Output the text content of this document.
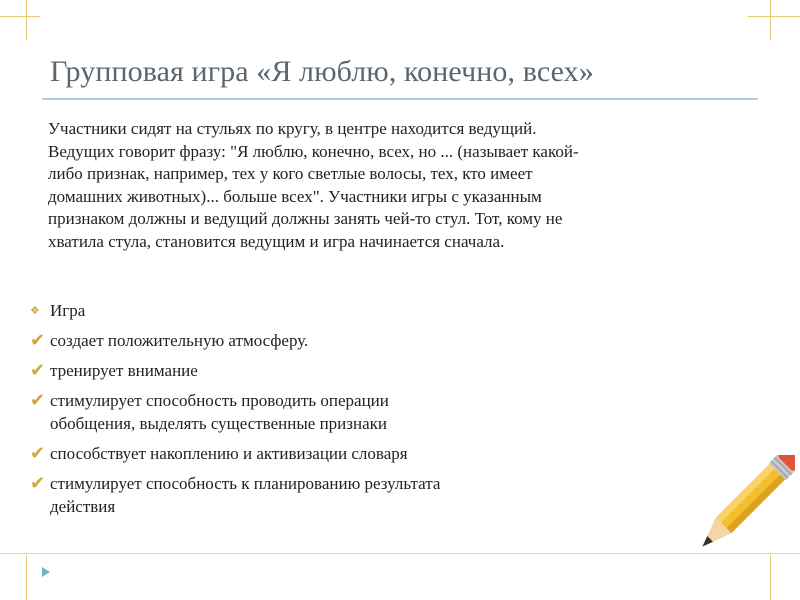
Групповая игра «Я люблю, конечно, всех»
Участники сидят на стульях по кругу, в центре находится ведущий.
Ведущих говорит фразу: "Я люблю, конечно, всех, но ... (называет какой-
либо признак, например, тех у кого светлые волосы, тех, кто имеет
домашних животных)... больше всех". Участники игры с указанным
признаком должны и ведущий должны занять чей-то стул. Тот, кому не
хватила стула, становится ведущим и игра начинается сначала.
❖ Игра
✔ создает положительную атмосферу.
✔ тренирует внимание
✔ стимулирует способность проводить операции
обобщения, выделять существенные признаки
✔ способствует накоплению и активизации словаря
✔ стимулирует способность к планированию результата
действия
